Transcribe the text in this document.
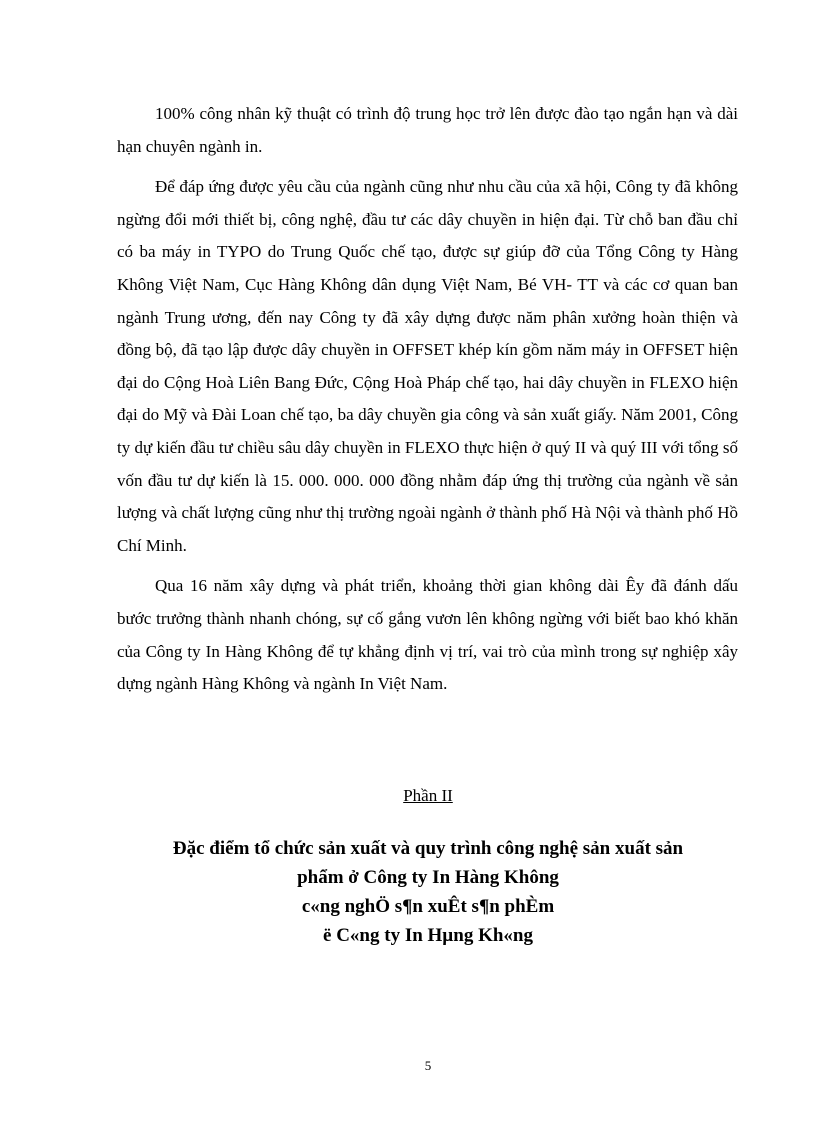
100% công nhân kỹ thuật có trình độ trung học trở lên được đào tạo ngắn hạn và dài hạn chuyên ngành in.

Để đáp ứng được yêu cầu của ngành cũng như nhu cầu của xã hội, Công ty đã không ngừng đổi mới thiết bị, công nghệ, đầu tư các dây chuyền in hiện đại. Từ chỗ ban đầu chỉ có ba máy in TYPO do Trung Quốc chế tạo, được sự giúp đỡ của Tổng Công ty Hàng Không Việt Nam, Cục Hàng Không dân dụng Việt Nam, Bé VH- TT và các cơ quan ban ngành Trung ương, đến nay Công ty đã xây dựng được năm phân xưởng hoàn thiện và đồng bộ, đã tạo lập được dây chuyền in OFFSET khép kín gồm năm máy in OFFSET hiện đại do Cộng Hoà Liên Bang Đức, Cộng Hoà Pháp chế tạo, hai dây chuyền in FLEXO hiện đại do Mỹ và Đài Loan chế tạo, ba dây chuyền gia công và sản xuất giấy. Năm 2001, Công ty dự kiến đầu tư chiều sâu dây chuyền in FLEXO thực hiện ở quý II và quý III với tổng số vốn đầu tư dự kiến là 15. 000. 000. 000 đồng nhằm đáp ứng thị trường của ngành về sản lượng và chất lượng cũng như thị trường ngoài ngành ở thành phố Hà Nội và thành phố Hồ Chí Minh.

Qua 16 năm xây dựng và phát triển, khoảng thời gian không dài Êy đã đánh dấu bước trưởng thành nhanh chóng, sự cố gắng vươn lên không ngừng với biết bao khó khăn của Công ty In Hàng Không để tự khẳng định vị trí, vai trò của mình trong sự nghiệp xây dựng ngành Hàng Không và ngành In Việt Nam.

Phần II
Đặc điểm tổ chức sản xuất và quy trình công nghệ sản xuất sản
phẩm ở Công ty In Hàng Không
c«ng nghÖ s¶n xuÊt s¶n phÈm
ë C«ng ty In Hµng Kh«ng
5
